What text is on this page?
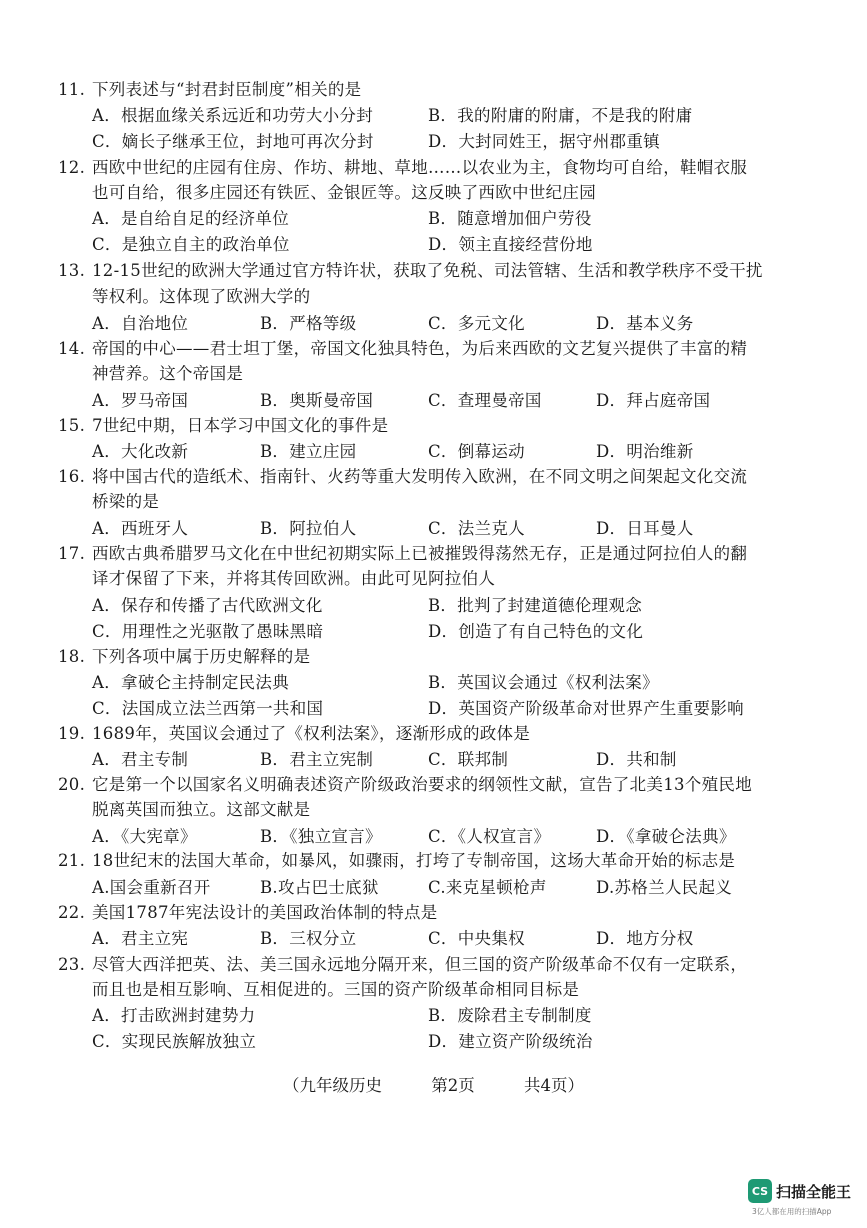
11. 下列表述与“封君封臣制度”相关的是
A．根据血缘关系远近和功劳大小分封	B．我的附庸的附庸，不是我的附庸
C．嫡长子继承王位，封地可再次分封	D．大封同姓王，据守州郡重镇
12. 西欧中世纪的庄园有住房、作坊、耕地、草地……以农业为主，食物均可自给，鞋帽衣服
也可自给，很多庄园还有铁匠、金银匠等。这反映了西欧中世纪庄园
A．是自给自足的经济单位	B．随意增加佃户劳役
C．是独立自主的政治单位	D．领主直接经营份地
13. 12-15世纪的欧洲大学通过官方特许状，获取了免税、司法管辖、生活和教学秩序不受干扰
等权利。这体现了欧洲大学的
A．自治地位	B．严格等级	C．多元文化	D．基本义务
14. 帝国的中心——君士坦丁堡，帝国文化独具特色，为后来西欧的文艺复兴提供了丰富的精
神营养。这个帝国是
A．罗马帝国	B．奥斯曼帝国	C．查理曼帝国	D．拜占庭帝国
15. 7世纪中期，日本学习中国文化的事件是
A．大化改新	B．建立庄园	C．倒幕运动	D．明治维新
16. 将中国古代的造纸术、指南针、火药等重大发明传入欧洲，在不同文明之间架起文化交流
桥梁的是
A．西班牙人	B．阿拉伯人	C．法兰克人	D．日耳曼人
17. 西欧古典希腊罗马文化在中世纪初期实际上已被摧毁得荡然无存，正是通过阿拉伯人的翻
译才保留了下来，并将其传回欧洲。由此可见阿拉伯人
A．保存和传播了古代欧洲文化	B．批判了封建道德伦理观念
C．用理性之光驱散了愚昧黑暗	D．创造了有自己特色的文化
18. 下列各项中属于历史解释的是
A．拿破仑主持制定民法典	B．英国议会通过《权利法案》
C．法国成立法兰西第一共和国	D．英国资产阶级革命对世界产生重要影响
19. 1689年，英国议会通过了《权利法案》，逐渐形成的政体是
A．君主专制	B．君主立宪制	C．联邦制	D．共和制
20. 它是第一个以国家名义明确表述资产阶级政治要求的纲领性文献，宣告了北美13个殖民地
脱离英国而独立。这部文献是
A．《大宪章》	B．《独立宣言》	C．《人权宣言》	D．《拿破仑法典》
21. 18世纪末的法国大革命，如暴风，如骤雨，打垮了专制帝国，这场大革命开始的标志是
A.国会重新召开	B.攻占巴士底狱	C.来克星顿枪声	D.苏格兰人民起义
22. 美国1787年宪法设计的美国政治体制的特点是
A．君主立宪	B．三权分立	C．中央集权	D．地方分权
23. 尽管大西洋把英、法、美三国永远地分隔开来，但三国的资产阶级革命不仅有一定联系，
而且也是相互影响、互相促进的。三国的资产阶级革命相同目标是
A．打击欧洲封建势力	B．废除君主专制制度
C．实现民族解放独立	D．建立资产阶级统治
（九年级历史	第2页	共4页）
CS 扫描全能王
3亿人都在用的扫描App
